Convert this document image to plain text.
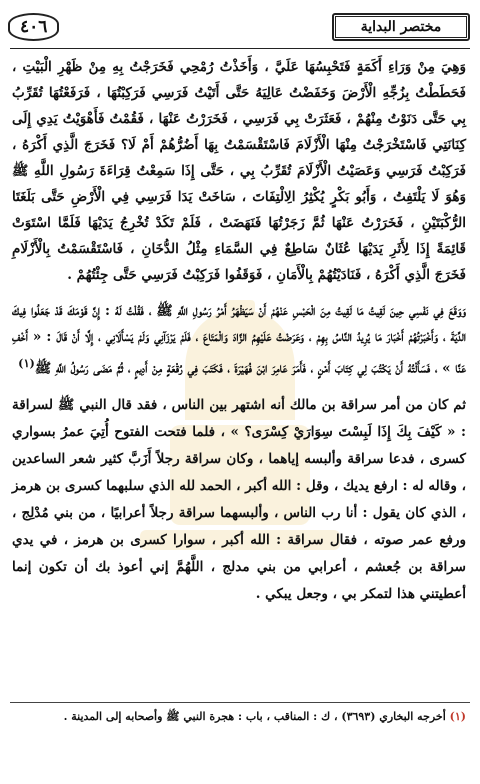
٤٠٦	مختصر البداية

وَهِيَ مِنْ وَرَاءِ أَكَمَةٍ فَتَحْبِسُهَا عَلَيَّ ، وَأَخَذْتُ رُمْحِي فَخَرَجْتُ بِهِ مِنْ ظَهْرِ الْبَيْتِ ، فَحَطَطْتُ بِزُجِّهِ الْأَرْضَ وَخَفَضْتُ عَالِيَهُ حَتَّى أَتَيْتُ فَرَسِي فَرَكِبْتُهَا ، فَرَفَعْتُهَا تُقَرِّبُ بِي حَتَّى دَنَوْتُ مِنْهُمْ ، فَعَثَرَتْ بِي فَرَسِي ، فَخَرَرْتُ عَنْهَا ، فَقُمْتُ فَأَهْوَيْتُ يَدِي إِلَى كِنَانَتِي فَاسْتَخْرَجْتُ مِنْهَا الْأَزْلَامَ فَاسْتَقْسَمْتُ بِهَا أَضُرُّهُمْ أَمْ لَا؟ فَخَرَجَ الَّذِي أَكْرَهُ ، فَرَكِبْتُ فَرَسِي وَعَصَيْتُ الْأَزْلَامَ تُقَرِّبُ بِي ، حَتَّى إِذَا سَمِعْتُ قِرَاءَةَ رَسُولِ اللَّهِ ﷺ وَهُوَ لَا يَلْتَفِتُ ، وَأَبُو بَكْرٍ يُكْثِرُ الِالْتِفَاتَ ، سَاخَتْ يَدَا فَرَسِي فِي الْأَرْضِ حَتَّى بَلَغَتَا الرُّكْبَتَيْنِ ، فَخَرَرْتُ عَنْهَا ثُمَّ زَجَرْتُهَا فَنَهَضَتْ ، فَلَمْ تَكَدْ تُخْرِجُ يَدَيْهَا فَلَمَّا اسْتَوَتْ قَائِمَةً إِذَا لِأَثَرِ يَدَيْهَا عُثَانٌ سَاطِعٌ فِي السَّمَاءِ مِثْلُ الدُّخَانِ ، فَاسْتَقْسَمْتُ بِالْأَزْلَامِ فَخَرَجَ الَّذِي أَكْرَهُ ، فَنَادَيْتُهُمْ بِالْأَمَانِ ، فَوَقَفُوا فَرَكِبْتُ فَرَسِي حَتَّى جِئْتُهُمْ .

وَوَقَعَ فِي نَفْسِي حِينَ لَقِيتُ مَا لَقِيتُ مِنَ الْحَبْسِ عَنْهُمْ أَنْ سَيَظْهَرُ أَمْرُ رَسُولِ اللَّهِ ﷺ ، فَقُلْتُ لَهُ : إِنَّ قَوْمَكَ قَدْ جَعَلُوا فِيكَ الدِّيَةَ ، وَأَخْبَرْتُهُمْ أَخْبَارَ مَا يُرِيدُ النَّاسُ بِهِمْ ، وَعَرَضْتُ عَلَيْهِمُ الزَّادَ وَالْمَتَاعَ ، فَلَمْ يَرْزَآنِي وَلَمْ يَسْأَلَانِي ، إِلَّا أَنْ قَالَ : « أَخْفِ عَنَّا » ، فَسَأَلْتُهُ أَنْ يَكْتُبَ لِي كِتَابَ أَمْنٍ ، فَأَمَرَ عَامِرَ ابْنَ فُهَيْرَةَ ، فَكَتَبَ فِي رُقْعَةٍ مِنْ أَدِيمٍ ، ثُمَّ مَضَى رَسُولُ اللَّهِ ﷺ$^{(١)}$

ثم كان من أمر سراقة بن مالك أنه اشتهر بين الناس ، فقد قال النبي ﷺ لسراقة : « كَيْفَ بِكَ إِذَا لَبِسْتَ سِوَارَيْ كِسْرَى؟ » ، فلما فتحت الفتوح أُتِيَ عمرُ بسواري كسرى ، فدعا سراقة وألبسه إياهما ، وكان سراقة رجلاً أَزَبَّ كثير شعر الساعدين ، وقاله له : ارفع يديك ، وقل : الله أكبر ، الحمد لله الذي سلبهما كسرى بن هرمز ، الذي كان يقول : أنا رب الناس ، وألبسهما سراقة رجلاً أعرابيًا ، من بني مُدْلِج ، ورفع عمر صوته ، فقال سراقة : الله أكبر ، سوارا كسرى بن هرمز ، في يدي سراقة بن جُعشم ، أعرابي من بني مدلج ، اللَّهُمَّ إني أعوذ بك أن تكون إنما أعطيتني هذا لتمكر بي ، وجعل يبكي .

(١) أخرجه البخاري (٣٦٩٣) ، ك : المناقب ، باب : هجرة النبي ﷺ وأصحابه إلى المدينة .
